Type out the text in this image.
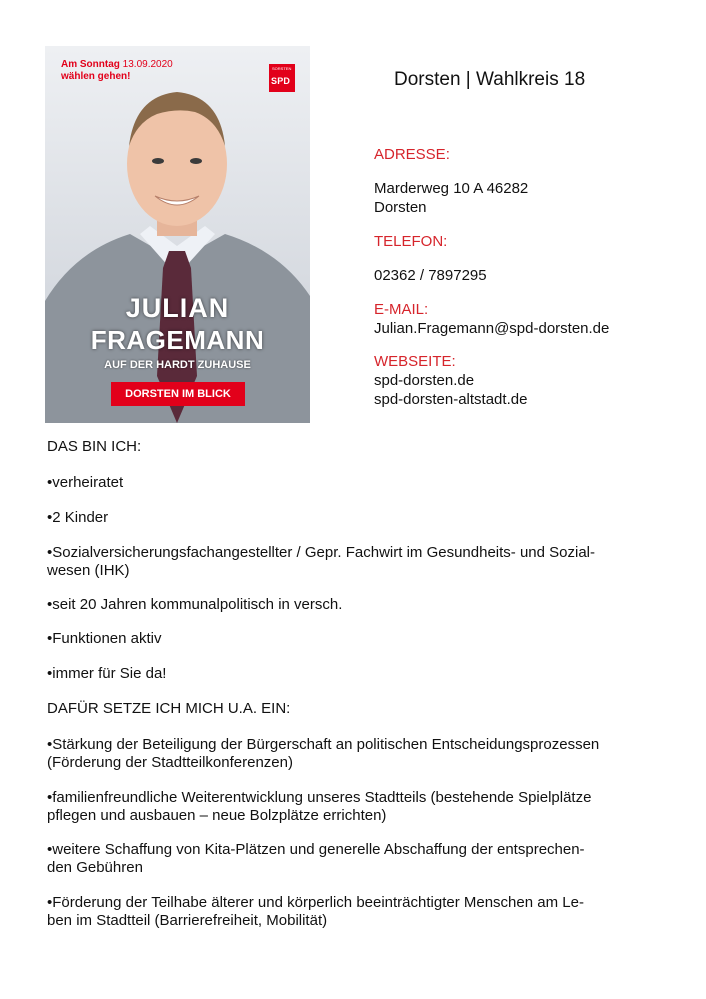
Am Sonntag 13.09.2020
wählen gehen!
SORSTEN
SPD
JULIAN
FRAGEMANN
AUF DER HARDT ZUHAUSE
DORSTEN IM BLICK
Dorsten | Wahlkreis 18
ADRESSE:
Marderweg 10 A 46282
Dorsten
TELEFON:
02362 / 7897295
E-MAIL:
Julian.Fragemann@spd-dorsten.de
WEBSEITE:
spd-dorsten.de
spd-dorsten-altstadt.de
DAS BIN ICH:
•verheiratet
•2 Kinder
•Sozialversicherungsfachangestellter / Gepr. Fachwirt im Gesundheits- und Sozial-
wesen (IHK)
•seit 20 Jahren kommunalpolitisch in versch.
•Funktionen aktiv
•immer für Sie da!
DAFÜR SETZE ICH MICH U.A. EIN:
•Stärkung der Beteiligung der Bürgerschaft an politischen Entscheidungsprozessen
(Förderung der Stadtteilkonferenzen)
•familienfreundliche Weiterentwicklung unseres Stadtteils (bestehende Spielplätze
pflegen und ausbauen – neue Bolzplätze errichten)
•weitere Schaffung von Kita-Plätzen und generelle Abschaffung der entsprechen-
den Gebühren
•Förderung der Teilhabe älterer und körperlich beeinträchtigter Menschen am Le-
ben im Stadtteil (Barrierefreiheit, Mobilität)
